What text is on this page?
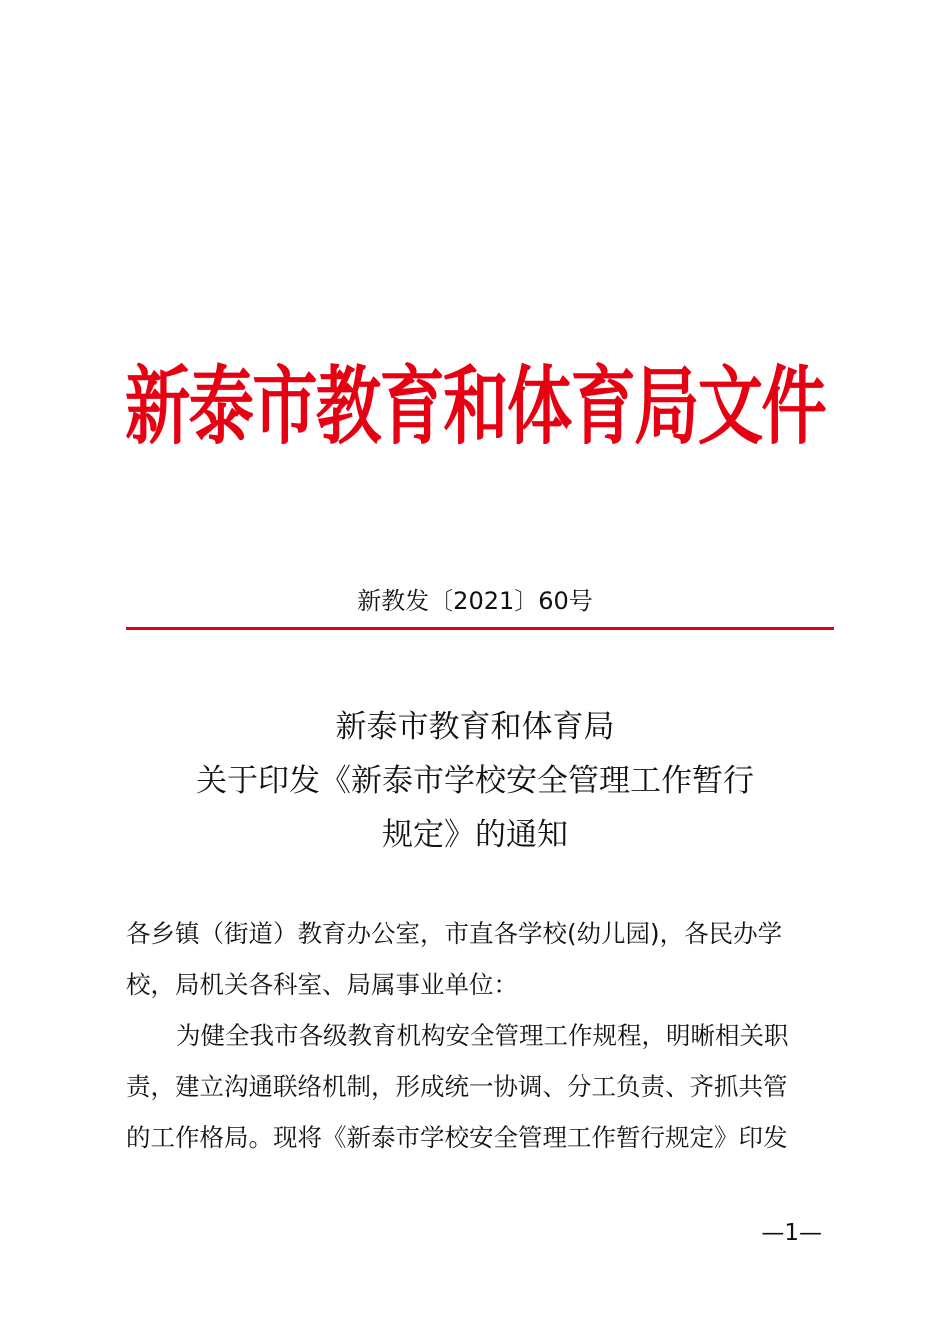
新泰市教育和体育局文件
新教发〔2021〕60号
新泰市教育和体育局
关于印发《新泰市学校安全管理工作暂行
规定》的通知
各乡镇（街道）教育办公室，市直各学校(幼儿园)，各民办学
校，局机关各科室、局属事业单位：
为健全我市各级教育机构安全管理工作规程，明晰相关职
责，建立沟通联络机制，形成统一协调、分工负责、齐抓共管
的工作格局。现将《新泰市学校安全管理工作暂行规定》印发
—1—
